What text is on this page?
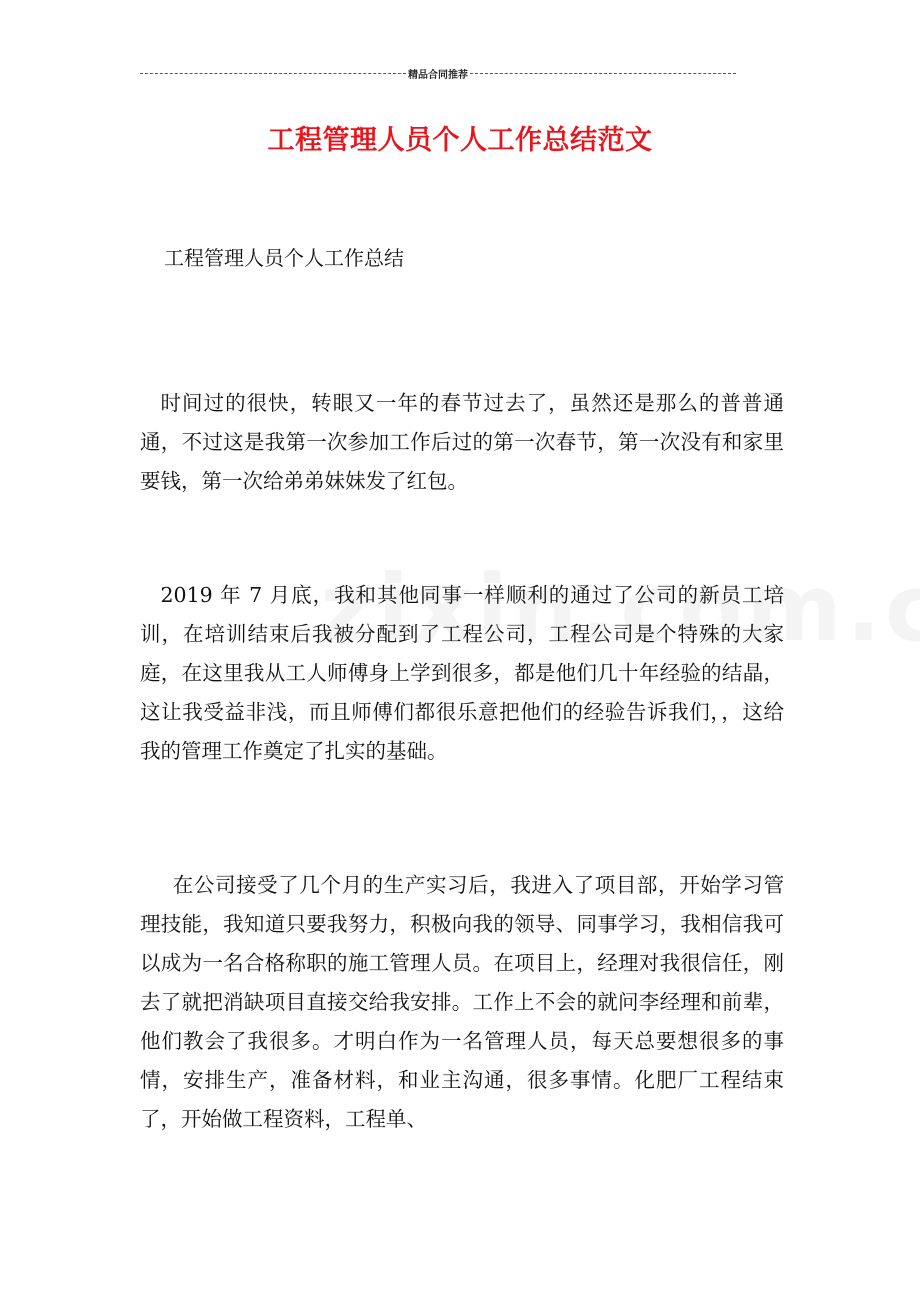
精品合同推荐
工程管理人员个人工作总结范文
工程管理人员个人工作总结

时间过的很快，转眼又一年的春节过去了，虽然还是那么的普普通通，不过这是我第一次参加工作后过的第一次春节，第一次没有和家里要钱，第一次给弟弟妹妹发了红包。

2019 年 7 月底，我和其他同事一样顺利的通过了公司的新员工培训，在培训结束后我被分配到了工程公司，工程公司是个特殊的大家庭，在这里我从工人师傅身上学到很多，都是他们几十年经验的结晶，这让我受益非浅，而且师傅们都很乐意把他们的经验告诉我们，，这给我的管理工作奠定了扎实的基础。

在公司接受了几个月的生产实习后，我进入了项目部，开始学习管理技能，我知道只要我努力，积极向我的领导、同事学习，我相信我可以成为一名合格称职的施工管理人员。在项目上，经理对我很信任，刚去了就把消缺项目直接交给我安排。工作上不会的就问李经理和前辈，他们教会了我很多。才明白作为一名管理人员，每天总要想很多的事情，安排生产，准备材料，和业主沟通，很多事情。化肥厂工程结束了，开始做工程资料，工程单、
